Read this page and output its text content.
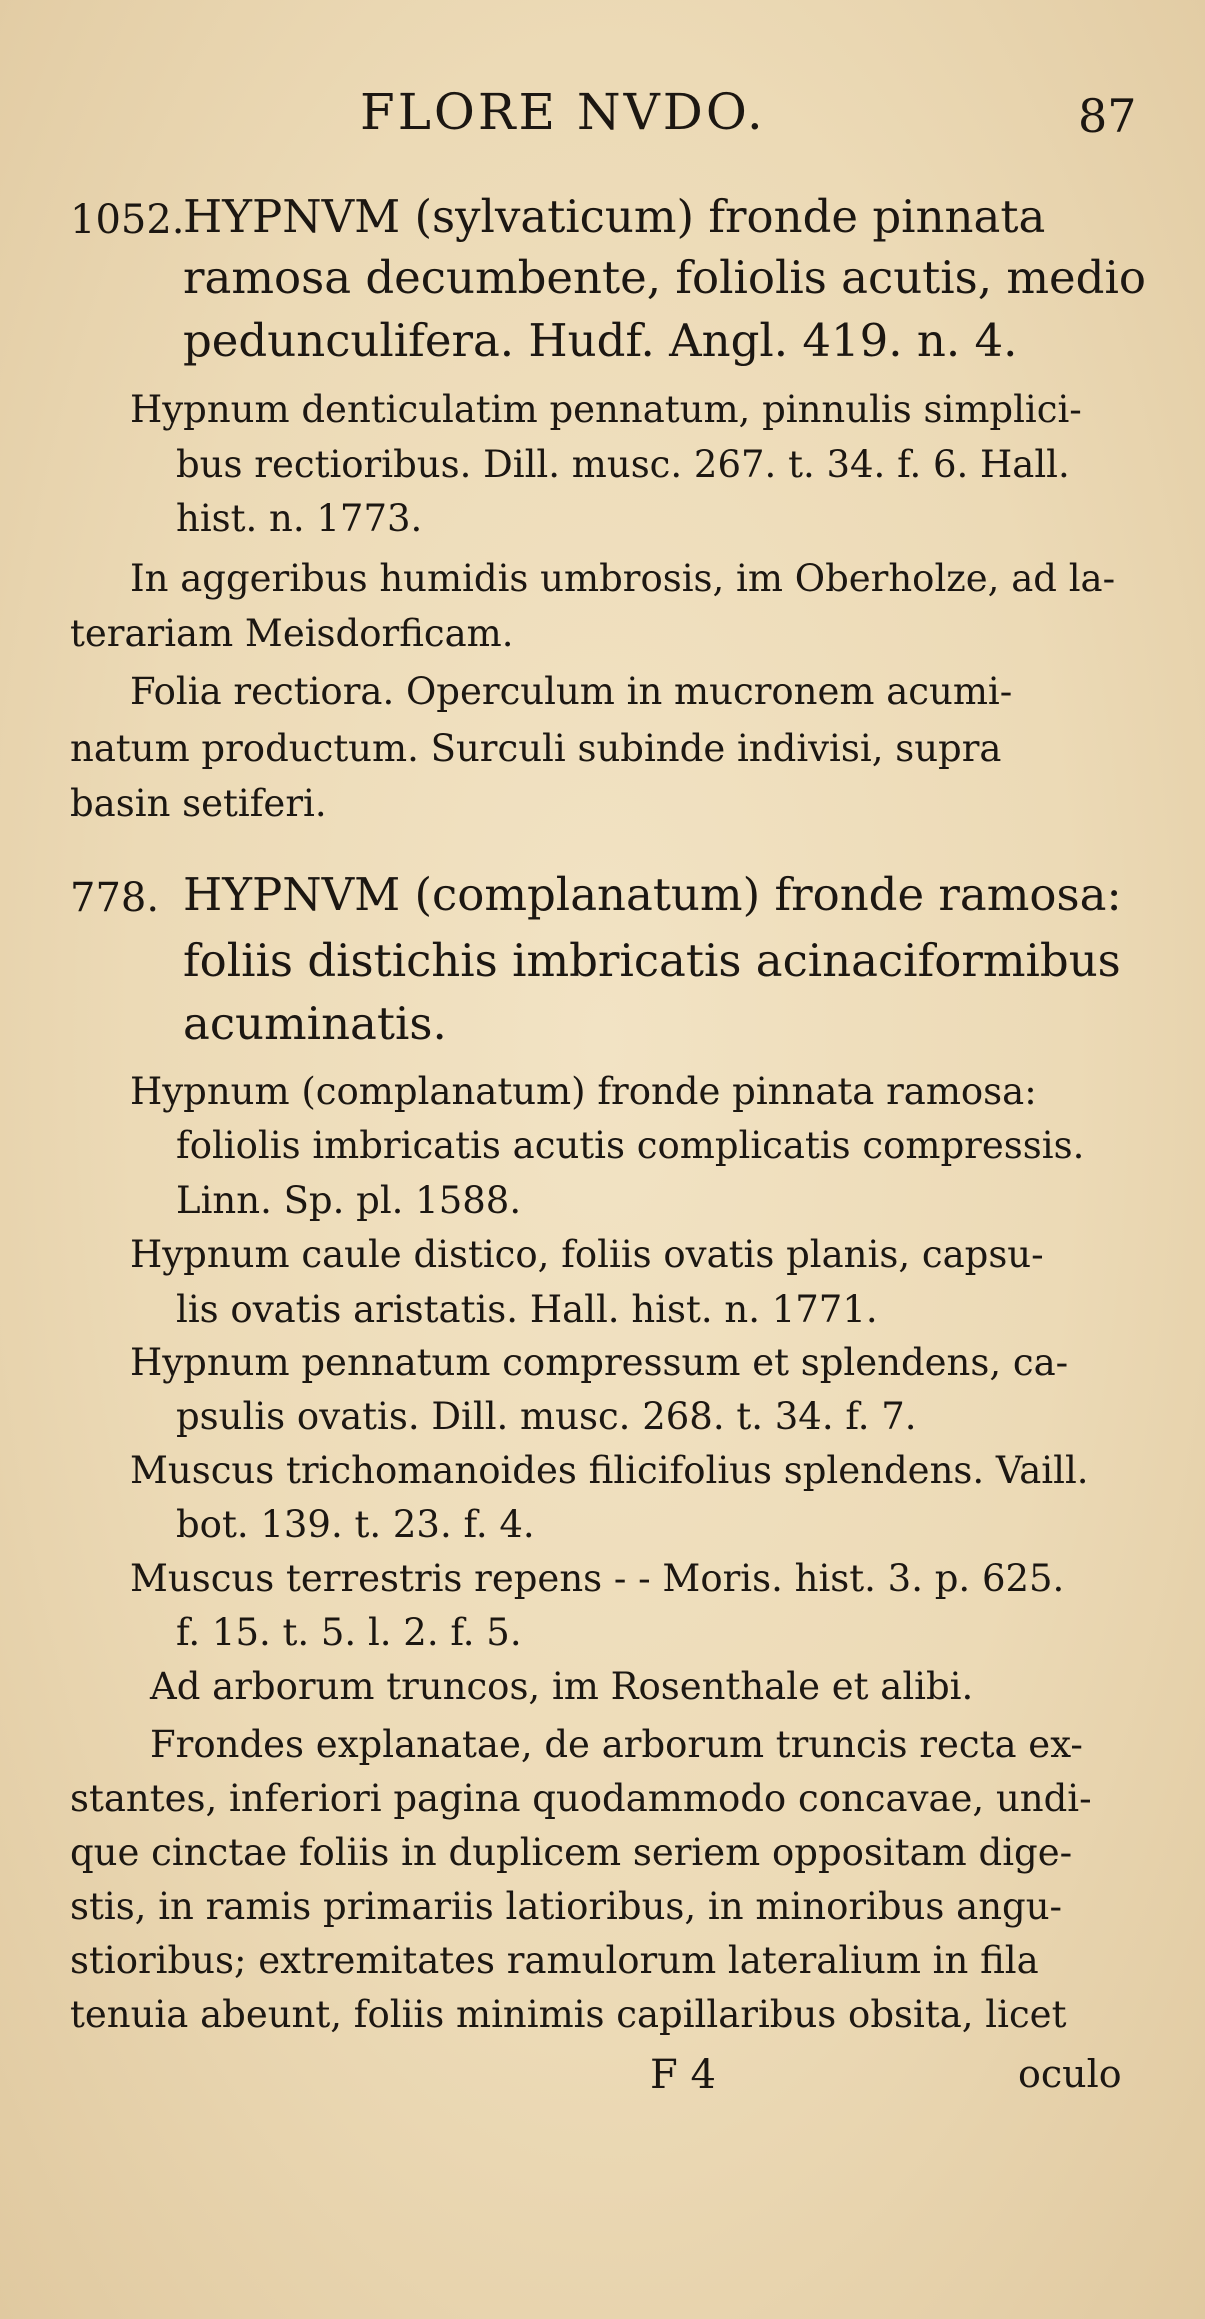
FLORE NVDO.	87
1052.
HYPNVM (sylvaticum) fronde pinnata
ramosa decumbente, foliolis acutis, medio
pedunculifera. Hudf. Angl. 419. n. 4.
Hypnum denticulatim pennatum, pinnulis simplici-
bus rectioribus. Dill. musc. 267. t. 34. f. 6. Hall.
hist. n. 1773.
In aggeribus humidis umbrosis, im Oberholze, ad la-
terariam Meisdorficam.
Folia rectiora. Operculum in mucronem acumi-
natum productum. Surculi subinde indivisi, supra
basin setiferi.
778. HYPNVM (complanatum) fronde ramosa:
foliis distichis imbricatis acinaciformibus
acuminatis.
Hypnum (complanatum) fronde pinnata ramosa:
foliolis imbricatis acutis complicatis compressis.
Linn. Sp. pl. 1588.
Hypnum caule distico, foliis ovatis planis, capsu-
lis ovatis aristatis. Hall. hist. n. 1771.
Hypnum pennatum compressum et splendens, ca-
psulis ovatis. Dill. musc. 268. t. 34. f. 7.
Muscus trichomanoides filicifolius splendens. Vaill.
bot. 139. t. 23. f. 4.
Muscus terrestris repens - - Moris. hist. 3. p. 625.
f. 15. t. 5. l. 2. f. 5.
Ad arborum truncos, im Rosenthale et alibi.
Frondes explanatae, de arborum truncis recta ex-
stantes, inferiori pagina quodammodo concavae, undi-
que cinctae foliis in duplicem seriem oppositam dige-
stis, in ramis primariis latioribus, in minoribus angu-
stioribus; extremitates ramulorum lateralium in fila
tenuia abeunt, foliis minimis capillaribus obsita, licet
F 4	oculo
